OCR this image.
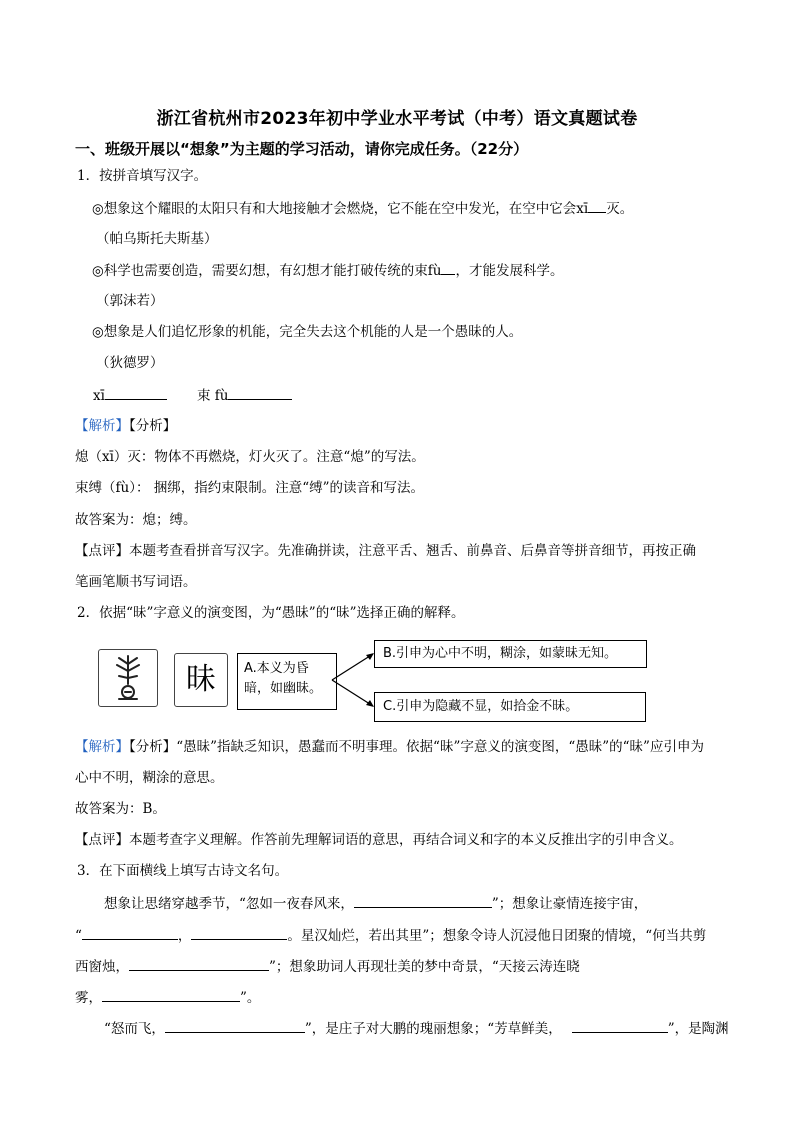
浙江省杭州市2023年初中学业水平考试（中考）语文真题试卷
一、班级开展以“想象”为主题的学习活动，请你完成任务。（22分）
1．按拼音填写汉字。
◎想象这个耀眼的太阳只有和大地接触才会燃烧，它不能在空中发光，在空中它会xī 灭。
（帕乌斯托夫斯基）
◎科学也需要创造，需要幻想，有幻想才能打破传统的束fù ，才能发展科学。
（郭沫若）
◎想象是人们追忆形象的机能，完全失去这个机能的人是一个愚昧的人。
（狄德罗）
xī	束 fù
【解析】【分析】
熄（xī）灭：物体不再燃烧，灯火灭了。注意“熄”的写法。
束缚（fù）： 捆绑，指约束限制。注意“缚”的读音和写法。
故答案为：熄；缚。
【点评】本题考查看拼音写汉字。先准确拼读，注意平舌、翘舌、前鼻音、后鼻音等拼音细节，再按正确
笔画笔顺书写词语。
2．依据“昧”字意义的演变图，为“愚昧”的“昧”选择正确的解释。
昧	A.本义为昏
暗，如幽昧。
B.引申为心中不明，糊涂，如蒙昧无知。
C.引申为隐藏不显，如拾金不昧。
【解析】【分析】“愚昧”指缺乏知识，愚蠢而不明事理。依据“昧”字意义的演变图，“愚昧”的“昧”应引申为
心中不明，糊涂的意思。
故答案为：B。
【点评】本题考查字义理解。作答前先理解词语的意思，再结合词义和字的本义反推出字的引申含义。
3．在下面横线上填写古诗文名句。
想象让思绪穿越季节，“忽如一夜春风来，	”；想象让豪情连接宇宙，
“	，	。星汉灿烂，若出其里”；想象令诗人沉浸他日团聚的情境，“何当共剪
西窗烛，	”；想象助词人再现壮美的梦中奇景，“天接云涛连晓
雾，	”。
“怒而飞，	”，是庄子对大鹏的瑰丽想象；“芳草鲜美，	”，是陶渊
